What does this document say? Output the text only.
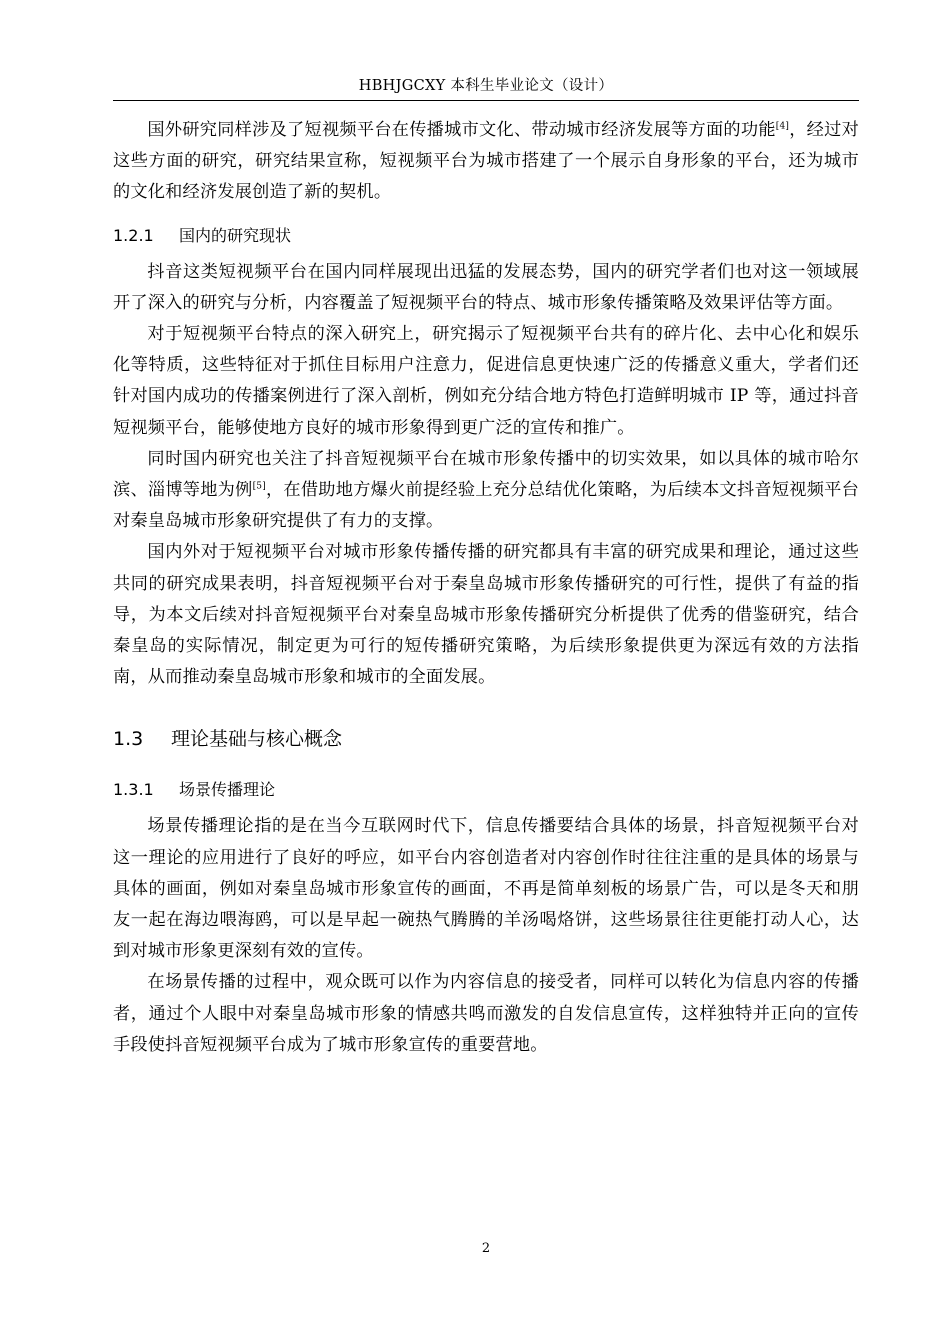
HBHJGCXY 本科生毕业论文（设计）

国外研究同样涉及了短视频平台在传播城市文化、带动城市经济发展等方面的功能[4]，经过对这些方面的研究，研究结果宣称，短视频平台为城市搭建了一个展示自身形象的平台，还为城市的文化和经济发展创造了新的契机。

1.2.1 国内的研究现状

抖音这类短视频平台在国内同样展现出迅猛的发展态势，国内的研究学者们也对这一领域展开了深入的研究与分析，内容覆盖了短视频平台的特点、城市形象传播策略及效果评估等方面。

对于短视频平台特点的深入研究上，研究揭示了短视频平台共有的碎片化、去中心化和娱乐化等特质，这些特征对于抓住目标用户注意力，促进信息更快速广泛的传播意义重大，学者们还针对国内成功的传播案例进行了深入剖析，例如充分结合地方特色打造鲜明城市 IP 等，通过抖音短视频平台，能够使地方良好的城市形象得到更广泛的宣传和推广。

同时国内研究也关注了抖音短视频平台在城市形象传播中的切实效果，如以具体的城市哈尔滨、淄博等地为例[5]，在借助地方爆火前提经验上充分总结优化策略，为后续本文抖音短视频平台对秦皇岛城市形象研究提供了有力的支撑。

国内外对于短视频平台对城市形象传播传播的研究都具有丰富的研究成果和理论，通过这些共同的研究成果表明，抖音短视频平台对于秦皇岛城市形象传播研究的可行性，提供了有益的指导，为本文后续对抖音短视频平台对秦皇岛城市形象传播研究分析提供了优秀的借鉴研究，结合秦皇岛的实际情况，制定更为可行的短传播研究策略，为后续形象提供更为深远有效的方法指南，从而推动秦皇岛城市形象和城市的全面发展。

1.3 理论基础与核心概念
1.3.1 场景传播理论

场景传播理论指的是在当今互联网时代下，信息传播要结合具体的场景，抖音短视频平台对这一理论的应用进行了良好的呼应，如平台内容创造者对内容创作时往往注重的是具体的场景与具体的画面，例如对秦皇岛城市形象宣传的画面，不再是简单刻板的场景广告，可以是冬天和朋友一起在海边喂海鸥，可以是早起一碗热气腾腾的羊汤喝烙饼，这些场景往往更能打动人心，达到对城市形象更深刻有效的宣传。

在场景传播的过程中，观众既可以作为内容信息的接受者，同样可以转化为信息内容的传播者，通过个人眼中对秦皇岛城市形象的情感共鸣而激发的自发信息宣传，这样独特并正向的宣传手段使抖音短视频平台成为了城市形象宣传的重要营地。

2
